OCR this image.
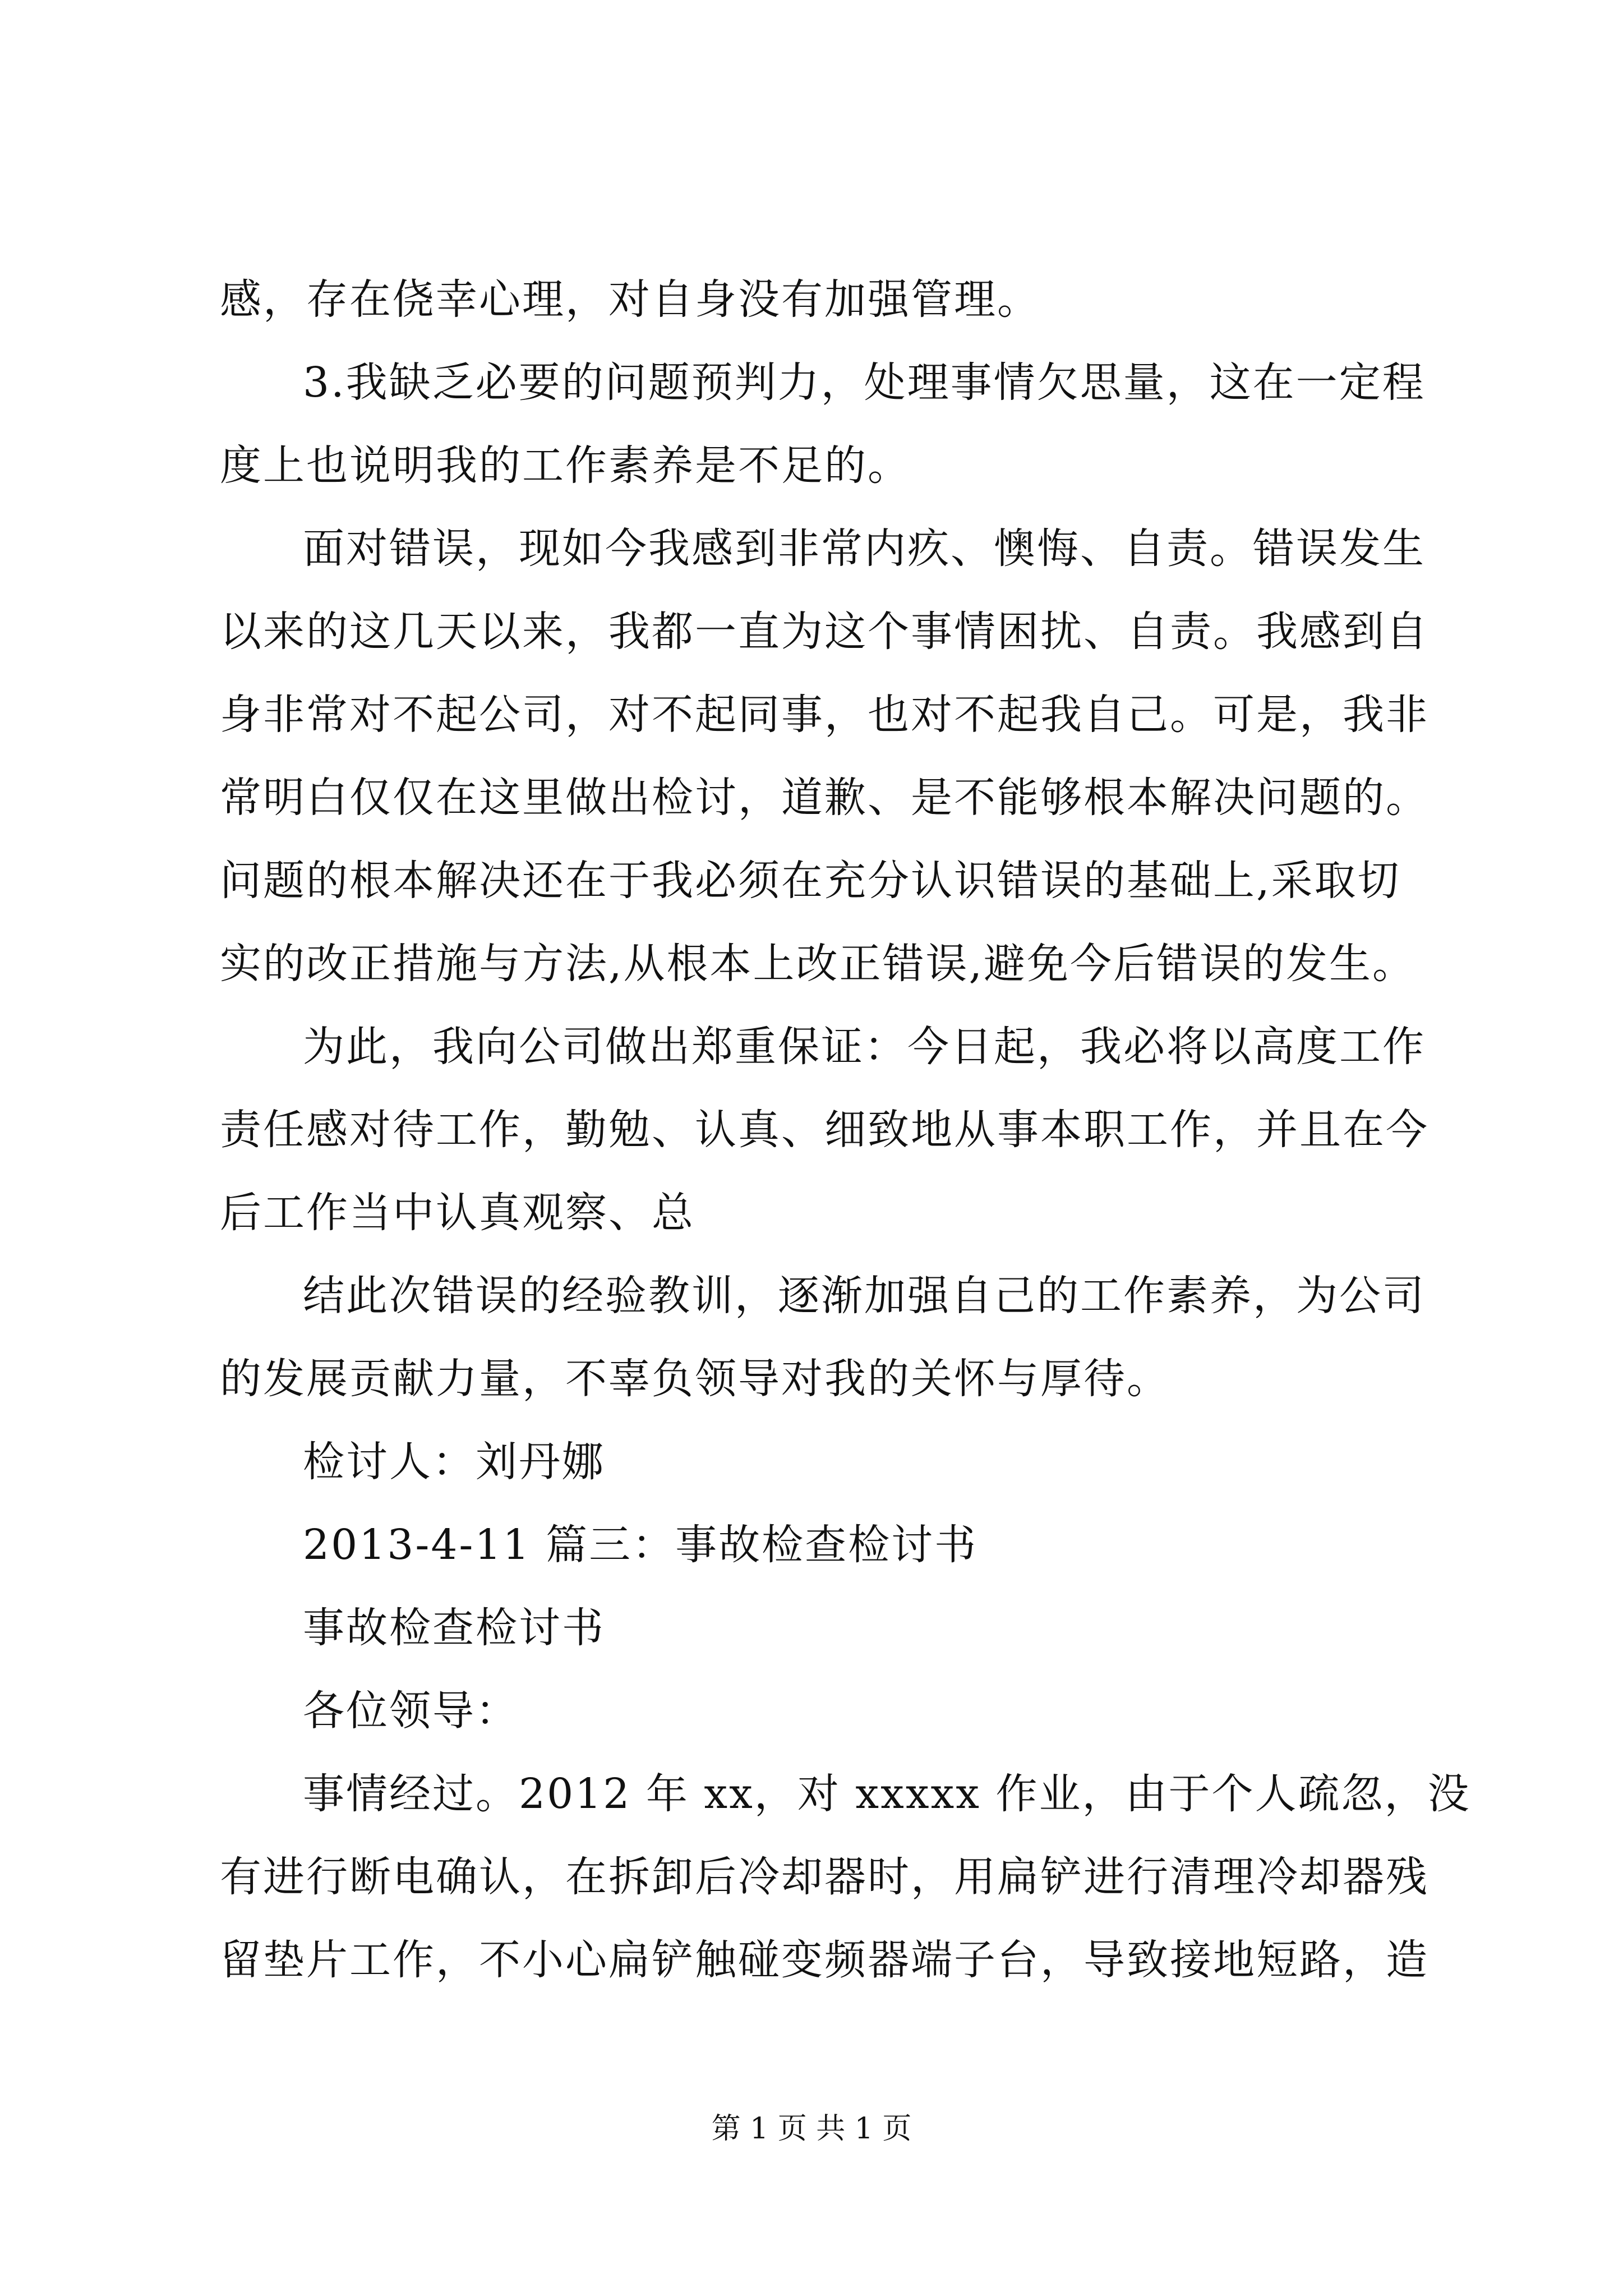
感，存在侥幸心理，对自身没有加强管理。
3.我缺乏必要的问题预判力，处理事情欠思量，这在一定程
度上也说明我的工作素养是不足的。
面对错误，现如今我感到非常内疚、懊悔、自责。错误发生
以来的这几天以来，我都一直为这个事情困扰、自责。我感到自
身非常对不起公司，对不起同事，也对不起我自己。可是，我非
常明白仅仅在这里做出检讨，道歉、是不能够根本解决问题的。
问题的根本解决还在于我必须在充分认识错误的基础上,采取切
实的改正措施与方法,从根本上改正错误,避免今后错误的发生。
为此，我向公司做出郑重保证：今日起，我必将以高度工作
责任感对待工作，勤勉、认真、细致地从事本职工作，并且在今
后工作当中认真观察、总
结此次错误的经验教训，逐渐加强自己的工作素养，为公司
的发展贡献力量，不辜负领导对我的关怀与厚待。
检讨人：刘丹娜
2013-4-11 篇三：事故检查检讨书
事故检查检讨书
各位领导：
事情经过。2012 年 xx，对 xxxxx 作业，由于个人疏忽，没
有进行断电确认，在拆卸后冷却器时，用扁铲进行清理冷却器残
留垫片工作，不小心扁铲触碰变频器端子台，导致接地短路，造
第 1 页 共 1 页
